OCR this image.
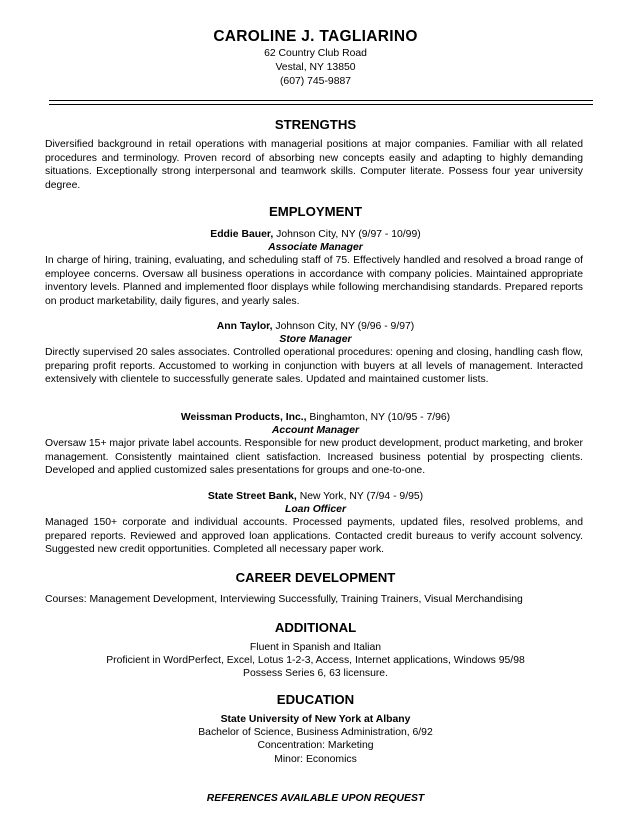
CAROLINE J. TAGLIARINO
62 Country Club Road
Vestal, NY 13850
(607) 745-9887
STRENGTHS

Diversified background in retail operations with managerial positions at major companies. Familiar with all related procedures and terminology. Proven record of absorbing new concepts easily and adapting to highly demanding situations. Exceptionally strong interpersonal and teamwork skills. Computer literate. Possess four year university degree.

EMPLOYMENT
Eddie Bauer, Johnson City, NY (9/97 - 10/99)
Associate Manager

In charge of hiring, training, evaluating, and scheduling staff of 75. Effectively handled and resolved a broad range of employee concerns. Oversaw all business operations in accordance with company policies. Maintained appropriate inventory levels. Planned and implemented floor displays while following merchandising standards. Prepared reports on product marketability, daily figures, and yearly sales.

Ann Taylor, Johnson City, NY (9/96 - 9/97)
Store Manager

Directly supervised 20 sales associates. Controlled operational procedures: opening and closing, handling cash flow, preparing profit reports. Accustomed to working in conjunction with buyers at all levels of management. Interacted extensively with clientele to successfully generate sales. Updated and maintained customer lists.

Weissman Products, Inc., Binghamton, NY (10/95 - 7/96)
Account Manager

Oversaw 15+ major private label accounts. Responsible for new product development, product marketing, and broker management. Consistently maintained client satisfaction. Increased business potential by prospecting clients. Developed and applied customized sales presentations for groups and one-to-one.

State Street Bank, New York, NY (7/94 - 9/95)
Loan Officer

Managed 150+ corporate and individual accounts. Processed payments, updated files, resolved problems, and prepared reports. Reviewed and approved loan applications. Contacted credit bureaus to verify account solvency. Suggested new credit opportunities. Completed all necessary paper work.

CAREER DEVELOPMENT
Courses: Management Development, Interviewing Successfully, Training Trainers, Visual Merchandising
ADDITIONAL
Fluent in Spanish and Italian
Proficient in WordPerfect, Excel, Lotus 1-2-3, Access, Internet applications, Windows 95/98
Possess Series 6, 63 licensure.
EDUCATION
State University of New York at Albany
Bachelor of Science, Business Administration, 6/92
Concentration: Marketing
Minor: Economics
REFERENCES AVAILABLE UPON REQUEST
